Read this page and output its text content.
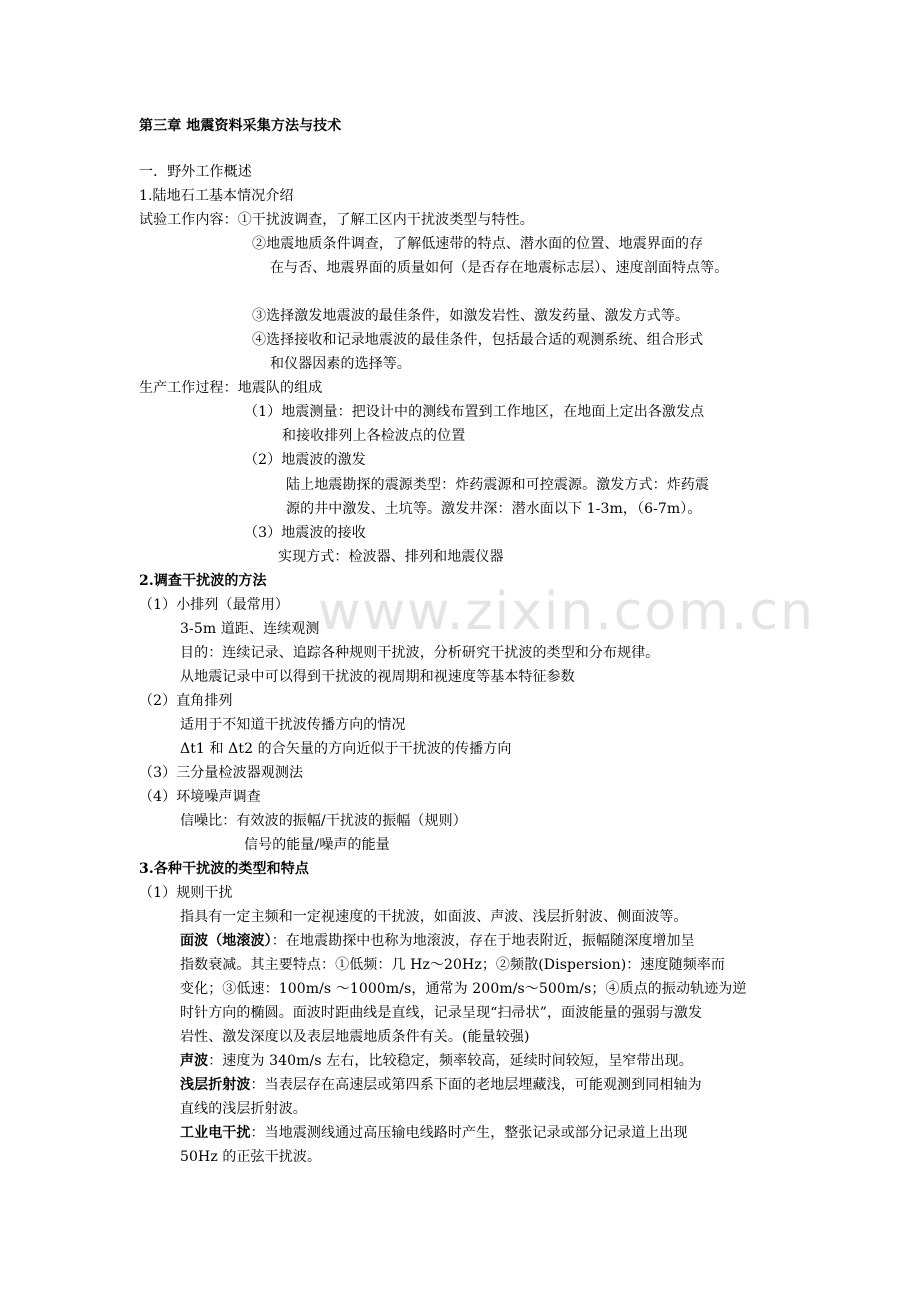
www.zixin.com.cn
第三章 地震资料采集方法与技术
一．野外工作概述
1.陆地石工基本情况介绍
试验工作内容：①干扰波调查，了解工区内干扰波类型与特性。
②地震地质条件调查，了解低速带的特点、潜水面的位置、地震界面的存
在与否、地震界面的质量如何（是否存在地震标志层）、速度剖面特点等。
③选择激发地震波的最佳条件，如激发岩性、激发药量、激发方式等。
④选择接收和记录地震波的最佳条件，包括最合适的观测系统、组合形式
和仪器因素的选择等。
生产工作过程：地震队的组成
（1）地震测量：把设计中的测线布置到工作地区，在地面上定出各激发点
和接收排列上各检波点的位置
（2）地震波的激发
陆上地震勘探的震源类型：炸药震源和可控震源。激发方式：炸药震
源的井中激发、土坑等。激发井深：潜水面以下 1-3m，（6-7m）。
（3）地震波的接收
实现方式：检波器、排列和地震仪器
2.调查干扰波的方法
（1）小排列（最常用）
3-5m 道距、连续观测
目的：连续记录、追踪各种规则干扰波，分析研究干扰波的类型和分布规律。
从地震记录中可以得到干扰波的视周期和视速度等基本特征参数
（2）直角排列
适用于不知道干扰波传播方向的情况
Δt1 和 Δt2 的合矢量的方向近似于干扰波的传播方向
（3）三分量检波器观测法
（4）环境噪声调查
信噪比：有效波的振幅/干扰波的振幅（规则）
信号的能量/噪声的能量
3.各种干扰波的类型和特点
（1）规则干扰
指具有一定主频和一定视速度的干扰波，如面波、声波、浅层折射波、侧面波等。
面波（地滚波）：在地震勘探中也称为地滚波，存在于地表附近，振幅随深度增加呈
指数衰减。其主要特点：①低频：几 Hz～20Hz；②频散(Dispersion)：速度随频率而
变化；③低速：100m/s ～1000m/s，通常为 200m/s～500m/s；④质点的振动轨迹为逆
时针方向的椭圆。面波时距曲线是直线，记录呈现“扫帚状”，面波能量的强弱与激发
岩性、激发深度以及表层地震地质条件有关。(能量较强)
声波：速度为 340m/s 左右，比较稳定，频率较高，延续时间较短，呈窄带出现。
浅层折射波：当表层存在高速层或第四系下面的老地层埋藏浅，可能观测到同相轴为
直线的浅层折射波。
工业电干扰：当地震测线通过高压输电线路时产生，整张记录或部分记录道上出现
50Hz 的正弦干扰波。
